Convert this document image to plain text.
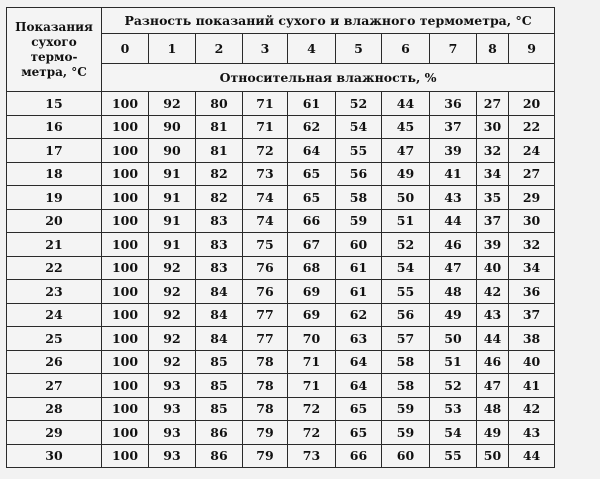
Показания
сухого
термо-
метра, °С	Разность показаний сухого и влажного термометра, °С									
	0	1	2	3	4	5	6	7	8	9
	Относительная влажность, %									
15	100	92	80	71	61	52	44	36	27	20
16	100	90	81	71	62	54	45	37	30	22
17	100	90	81	72	64	55	47	39	32	24
18	100	91	82	73	65	56	49	41	34	27
19	100	91	82	74	65	58	50	43	35	29
20	100	91	83	74	66	59	51	44	37	30
21	100	91	83	75	67	60	52	46	39	32
22	100	92	83	76	68	61	54	47	40	34
23	100	92	84	76	69	61	55	48	42	36
24	100	92	84	77	69	62	56	49	43	37
25	100	92	84	77	70	63	57	50	44	38
26	100	92	85	78	71	64	58	51	46	40
27	100	93	85	78	71	64	58	52	47	41
28	100	93	85	78	72	65	59	53	48	42
29	100	93	86	79	72	65	59	54	49	43
30	100	93	86	79	73	66	60	55	50	44
